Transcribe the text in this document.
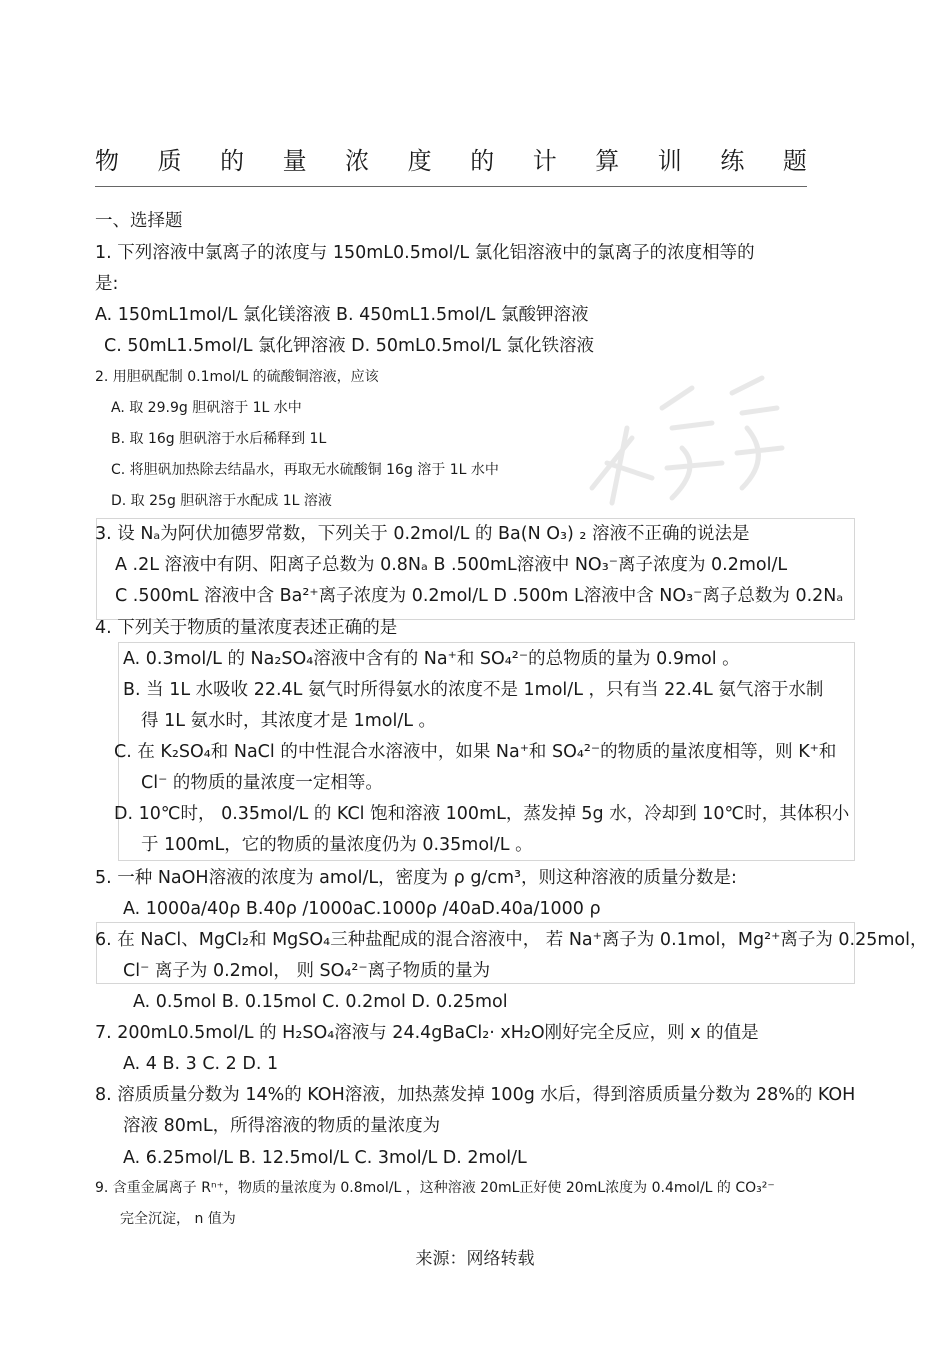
物 质 的 量 浓 度 的 计 算 训 练 题
一、选择题
1. 下列溶液中氯离子的浓度与 150mL0.5mol/L 氯化铝溶液中的氯离子的浓度相等的
是:
A. 150mL1mol/L 氯化镁溶液 B. 450mL1.5mol/L 氯酸钾溶液
C. 50mL1.5mol/L 氯化钾溶液 D. 50mL0.5mol/L 氯化铁溶液
2. 用胆矾配制 0.1mol/L 的硫酸铜溶液，应该
A. 取 29.9g 胆矾溶于 1L 水中
B. 取 16g 胆矾溶于水后稀释到 1L
C. 将胆矾加热除去结晶水，再取无水硫酸铜 16g 溶于 1L 水中
D. 取 25g 胆矾溶于水配成 1L 溶液
3. 设 Nₐ为阿伏加德罗常数，下列关于 0.2mol/L 的 Ba(N O₃) ₂ 溶液不正确的说法是
A .2L 溶液中有阴、阳离子总数为 0.8Nₐ B .500mL溶液中 NO₃⁻离子浓度为 0.2mol/L
C .500mL 溶液中含 Ba²⁺离子浓度为 0.2mol/L D .500m L溶液中含 NO₃⁻离子总数为 0.2Nₐ
4. 下列关于物质的量浓度表述正确的是
A. 0.3mol/L 的 Na₂SO₄溶液中含有的 Na⁺和 SO₄²⁻的总物质的量为 0.9mol 。
B. 当 1L 水吸收 22.4L 氨气时所得氨水的浓度不是 1mol/L ，只有当 22.4L 氨气溶于水制
得 1L 氨水时，其浓度才是 1mol/L 。
C. 在 K₂SO₄和 NaCl 的中性混合水溶液中，如果 Na⁺和 SO₄²⁻的物质的量浓度相等，则 K⁺和
Cl⁻ 的物质的量浓度一定相等。
D. 10℃时， 0.35mol/L 的 KCl 饱和溶液 100mL，蒸发掉 5g 水，冷却到 10℃时，其体积小
于 100mL，它的物质的量浓度仍为 0.35mol/L 。
5. 一种 NaOH溶液的浓度为 amol/L，密度为 ρ g/cm³，则这种溶液的质量分数是:
A. 1000a/40ρ B.40ρ /1000aC.1000ρ /40aD.40a/1000 ρ
6. 在 NaCl、MgCl₂和 MgSO₄三种盐配成的混合溶液中， 若 Na⁺离子为 0.1mol，Mg²⁺离子为 0.25mol，
Cl⁻ 离子为 0.2mol， 则 SO₄²⁻离子物质的量为
A. 0.5mol B. 0.15mol C. 0.2mol D. 0.25mol
7. 200mL0.5mol/L 的 H₂SO₄溶液与 24.4gBaCl₂· xH₂O刚好完全反应，则 x 的值是
A. 4 B. 3 C. 2 D. 1
8. 溶质质量分数为 14%的 KOH溶液，加热蒸发掉 100g 水后，得到溶质质量分数为 28%的 KOH
溶液 80mL，所得溶液的物质的量浓度为
A. 6.25mol/L B. 12.5mol/L C. 3mol/L D. 2mol/L
9. 含重金属离子 Rⁿ⁺，物质的量浓度为 0.8mol/L ，这种溶液 20mL正好使 20mL浓度为 0.4mol/L 的 CO₃²⁻
完全沉淀， n 值为
来源：网络转载
